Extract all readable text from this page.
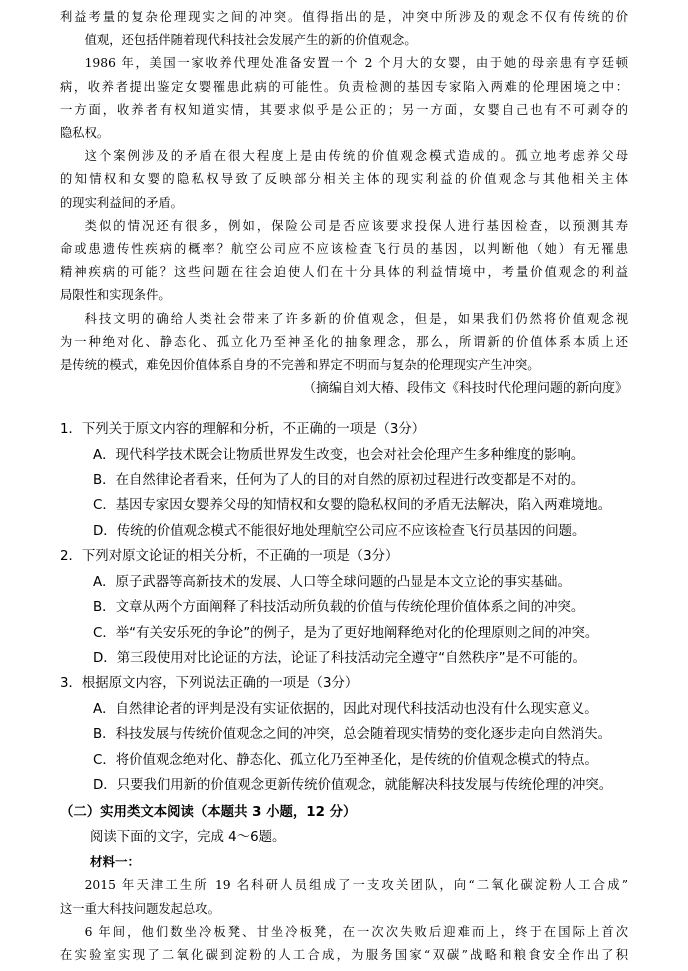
利益考量的复杂伦理现实之间的冲突。值得指出的是，冲突中所涉及的观念不仅有传统的价

值观，还包括伴随着现代科技社会发展产生的新的价值观念。

1986 年，美国一家收养代理处准备安置一个 2 个月大的女婴，由于她的母亲患有亨廷顿

病，收养者提出鉴定女婴罹患此病的可能性。负责检测的基因专家陷入两难的伦理困境之中：

一方面，收养者有权知道实情，其要求似乎是公正的；另一方面，女婴自己也有不可剥夺的

隐私权。

这个案例涉及的矛盾在很大程度上是由传统的价值观念模式造成的。孤立地考虑养父母

的知情权和女婴的隐私权导致了反映部分相关主体的现实利益的价值观念与其他相关主体

的现实利益间的矛盾。

类似的情况还有很多，例如，保险公司是否应该要求投保人进行基因检查，以预测其寿

命或患遗传性疾病的概率？航空公司应不应该检查飞行员的基因，以判断他（她）有无罹患

精神疾病的可能？这些问题在往会迫使人们在十分具体的利益情境中，考量价值观念的利益

局限性和实现条件。

科技文明的确给人类社会带来了许多新的价值观念，但是，如果我们仍然将价值观念视

为一种绝对化、静态化、孤立化乃至神圣化的抽象理念，那么，所谓新的价值体系本质上还

是传统的模式，难免因价值体系自身的不完善和界定不明而与复杂的伦理现实产生冲突。

（摘编自刘大椿、段伟文《科技时代伦理问题的新向度》

1．下列关于原文内容的理解和分析，不正确的一项是（3分）

A．现代科学技术既会让物质世界发生改变，也会对社会伦理产生多种维度的影响。

B．在自然律论者看来，任何为了人的目的对自然的原初过程进行改变都是不对的。

C．基因专家因女婴养父母的知情权和女婴的隐私权间的矛盾无法解决，陷入两难境地。

D．传统的价值观念模式不能很好地处理航空公司应不应该检查飞行员基因的问题。

2．下列对原文论证的相关分析，不正确的一项是（3分）

A．原子武器等高新技术的发展、人口等全球问题的凸显是本文立论的事实基础。

B．文章从两个方面阐释了科技活动所负载的价值与传统伦理价值体系之间的冲突。

C．举“有关安乐死的争论”的例子，是为了更好地阐释绝对化的伦理原则之间的冲突。

D．第三段使用对比论证的方法，论证了科技活动完全遵守“自然秩序”是不可能的。

3．根据原文内容，下列说法正确的一项是（3分）

A．自然律论者的评判是没有实证依据的，因此对现代科技活动也没有什么现实意义。

B．科技发展与传统价值观念之间的冲突，总会随着现实情势的变化逐步走向自然消失。

C．将价值观念绝对化、静态化、孤立化乃至神圣化，是传统的价值观念模式的特点。

D．只要我们用新的价值观念更新传统价值观念，就能解决科技发展与传统伦理的冲突。

（二）实用类文本阅读（本题共 3 小题，12 分）

阅读下面的文字，完成 4～6题。

材料一：

2015 年天津工生所 19 名科研人员组成了一支攻关团队，向“二氧化碳淀粉人工合成”

这一重大科技问题发起总攻。

6 年间，他们数坐冷板凳、甘坐冷板凳，在一次次失败后迎难而上，终于在国际上首次

在实验室实现了二氧化碳到淀粉的人工合成，为服务国家“双碳”战略和粮食安全作出了积
